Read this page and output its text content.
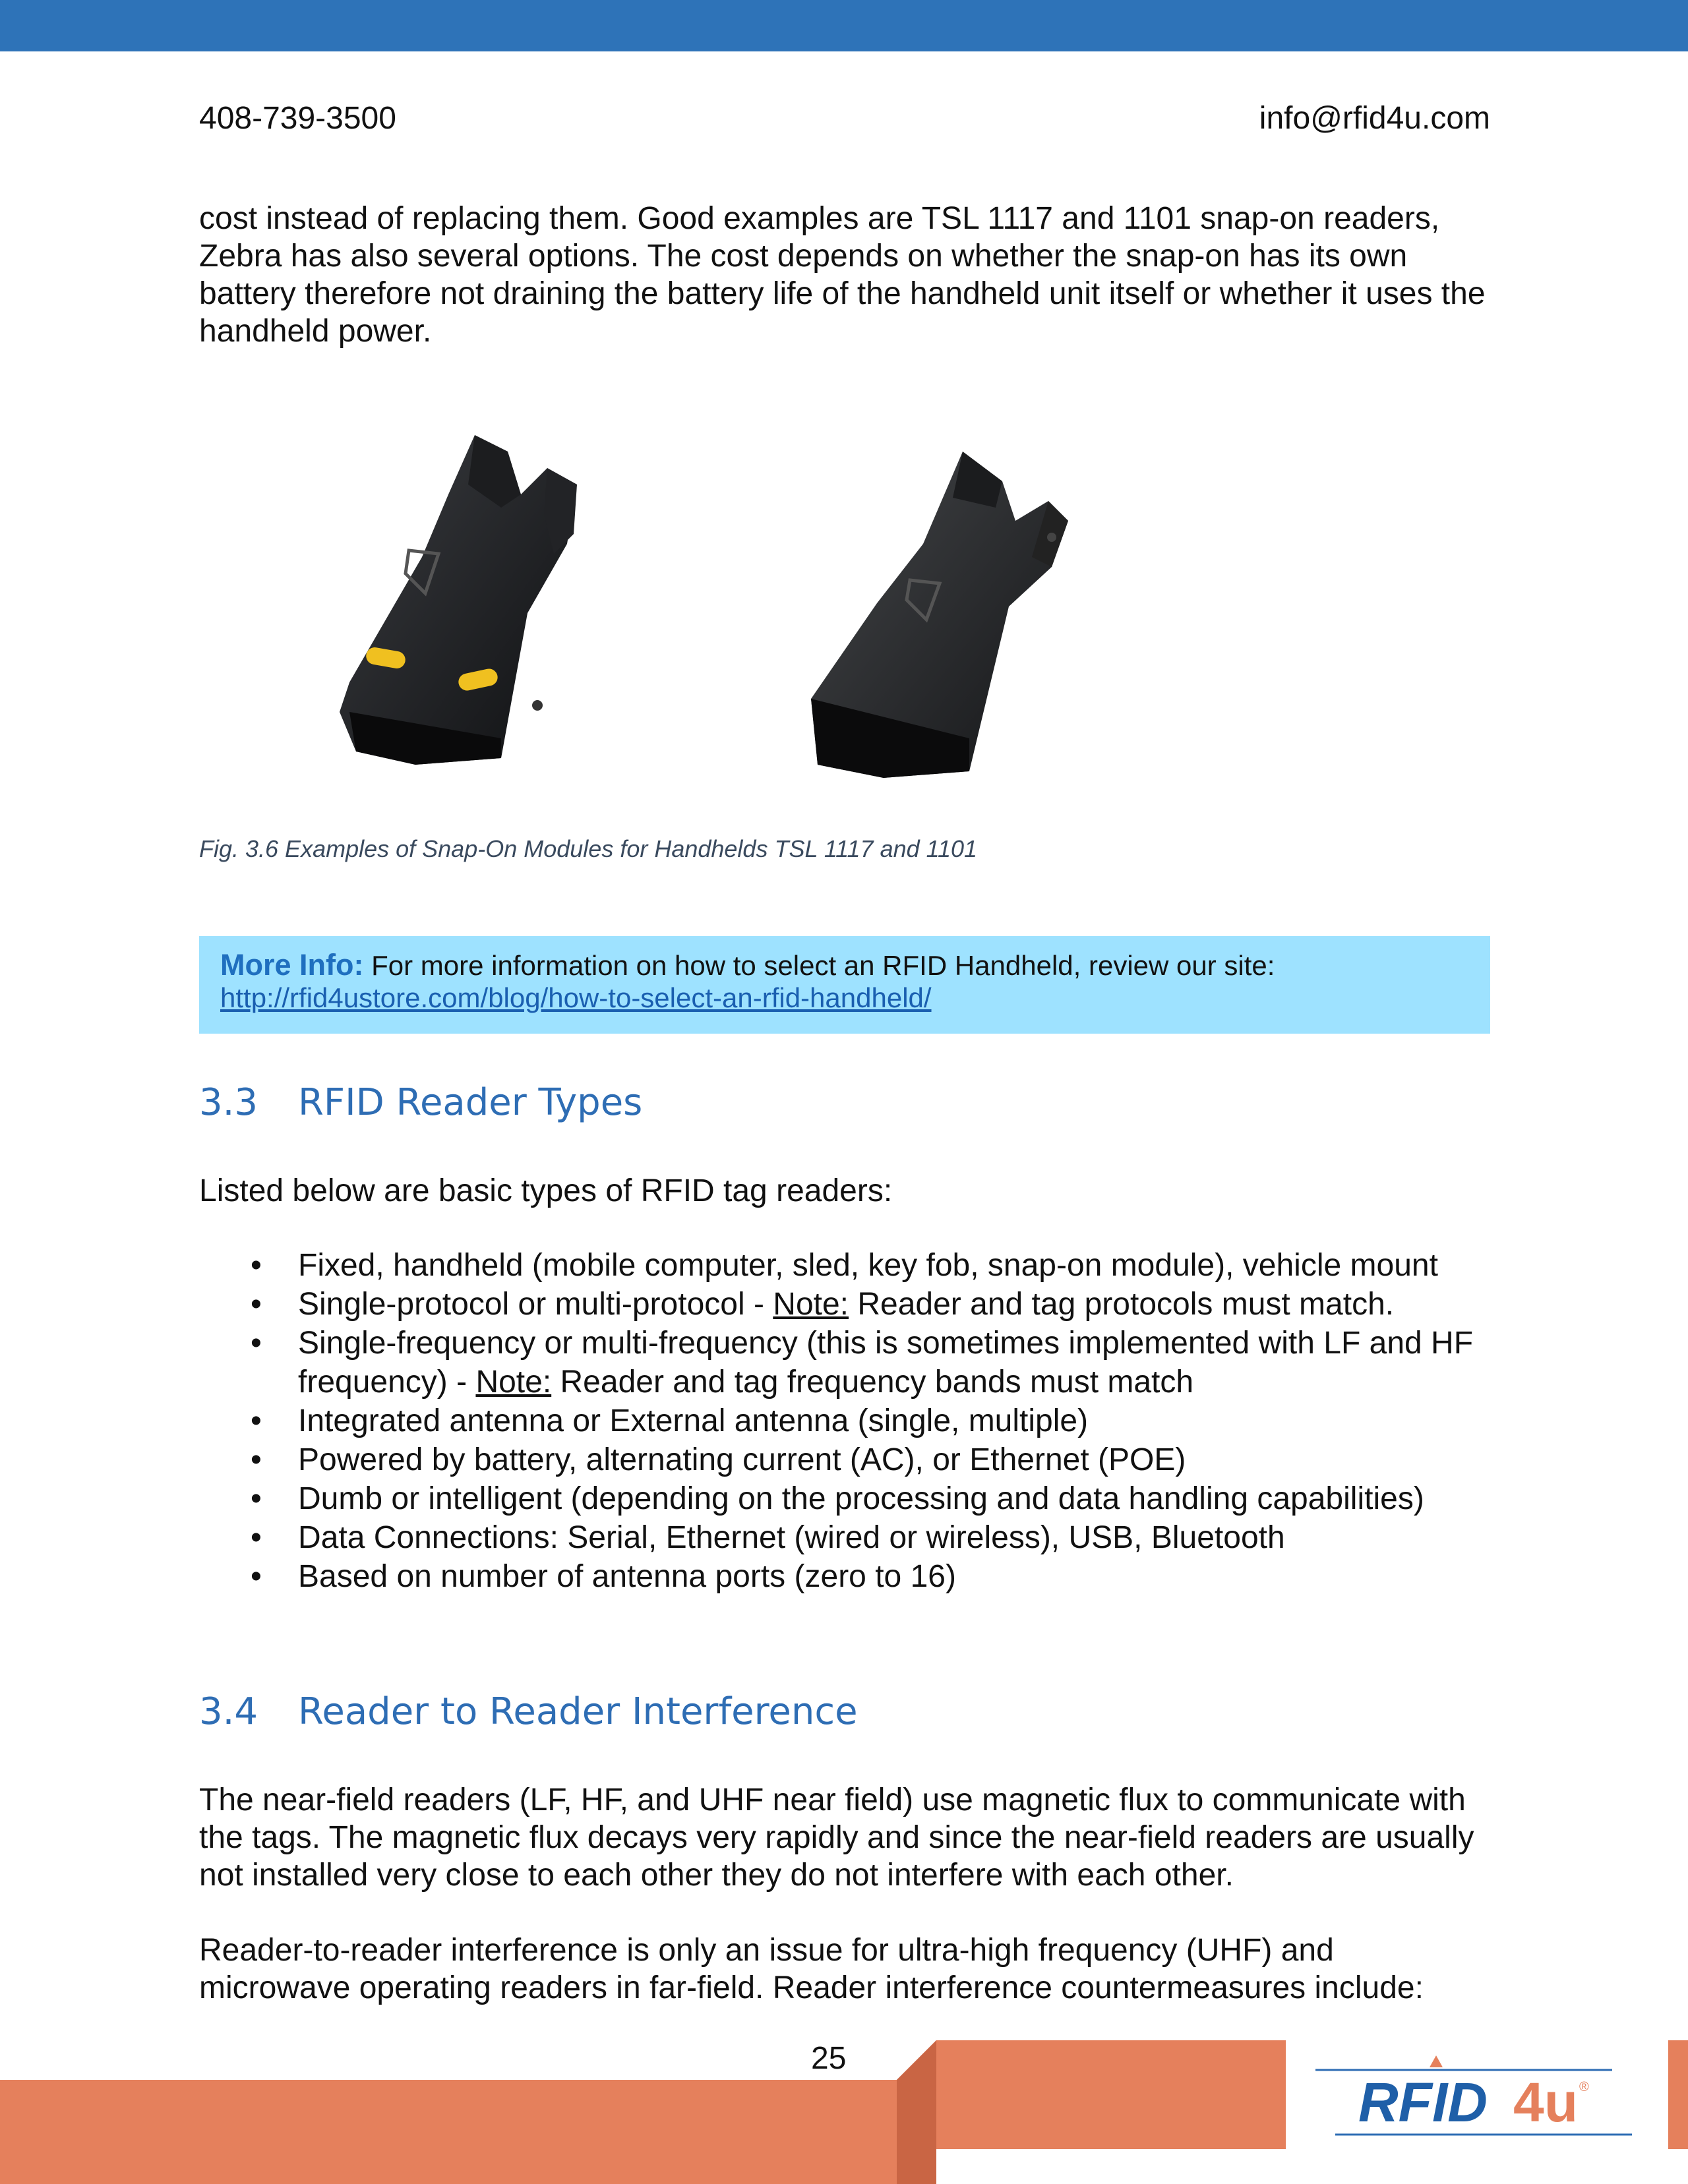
408-739-3500	info@rfid4u.com
cost instead of replacing them. Good examples are TSL 1117 and 1101 snap-on readers, Zebra has also several options. The cost depends on whether the snap-on has its own battery therefore not draining the battery life of the handheld unit itself or whether it uses the handheld power.
Fig. 3.6 Examples of Snap-On Modules for Handhelds TSL 1117 and 1101
More Info: For more information on how to select an RFID Handheld, review our site:
http://rfid4ustore.com/blog/how-to-select-an-rfid-handheld/
3.3 RFID Reader Types
Listed below are basic types of RFID tag readers:
• Fixed, handheld (mobile computer, sled, key fob, snap-on module), vehicle mount
• Single-protocol or multi-protocol - Note: Reader and tag protocols must match.
• Single-frequency or multi-frequency (this is sometimes implemented with LF and HF frequency) - Note: Reader and tag frequency bands must match
• Integrated antenna or External antenna (single, multiple)
• Powered by battery, alternating current (AC), or Ethernet (POE)
• Dumb or intelligent (depending on the processing and data handling capabilities)
• Data Connections: Serial, Ethernet (wired or wireless), USB, Bluetooth
• Based on number of antenna ports (zero to 16)
3.4 Reader to Reader Interference
The near-field readers (LF, HF, and UHF near field) use magnetic flux to communicate with the tags. The magnetic flux decays very rapidly and since the near-field readers are usually not installed very close to each other they do not interfere with each other.
Reader-to-reader interference is only an issue for ultra-high frequency (UHF) and microwave operating readers in far-field. Reader interference countermeasures include:
25
RFID 4u ®
